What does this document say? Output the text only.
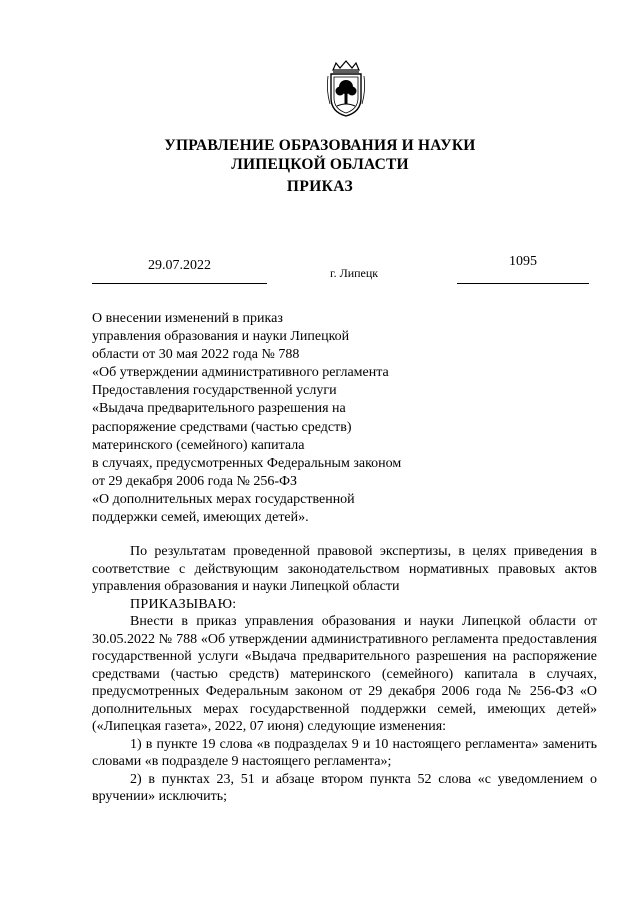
УПРАВЛЕНИЕ ОБРАЗОВАНИЯ И НАУКИ
ЛИПЕЦКОЙ ОБЛАСТИ
ПРИКАЗ
29.07.2022	г. Липецк
1095
О внесении изменений в приказ
управления образования и науки Липецкой
области от 30 мая 2022 года № 788
«Об утверждении административного регламента
Предоставления государственной услуги
«Выдача предварительного разрешения на
распоряжение средствами (частью средств)
материнского (семейного) капитала
в случаях, предусмотренных Федеральным законом
от 29 декабря 2006 года № 256-ФЗ
«О дополнительных мерах государственной
поддержки семей, имеющих детей».

По результатам проведенной правовой экспертизы, в целях приведения в соответствие с действующим законодательством нормативных правовых актов управления образования и науки Липецкой области

ПРИКАЗЫВАЮ:

Внести в приказ управления образования и науки Липецкой области от 30.05.2022 № 788 «Об утверждении административного регламента предоставления государственной услуги «Выдача предварительного разрешения на распоряжение средствами (частью средств) материнского (семейного) капитала в случаях, предусмотренных Федеральным законом от 29 декабря 2006 года № 256-ФЗ «О дополнительных мерах государственной поддержки семей, имеющих детей» («Липецкая газета», 2022, 07 июня) следующие изменения:

1) в пункте 19 слова «в подразделах 9 и 10 настоящего регламента» заменить словами «в подразделе 9 настоящего регламента»;

2) в пунктах 23, 51 и абзаце втором пункта 52 слова «с уведомлением о вручении» исключить;
